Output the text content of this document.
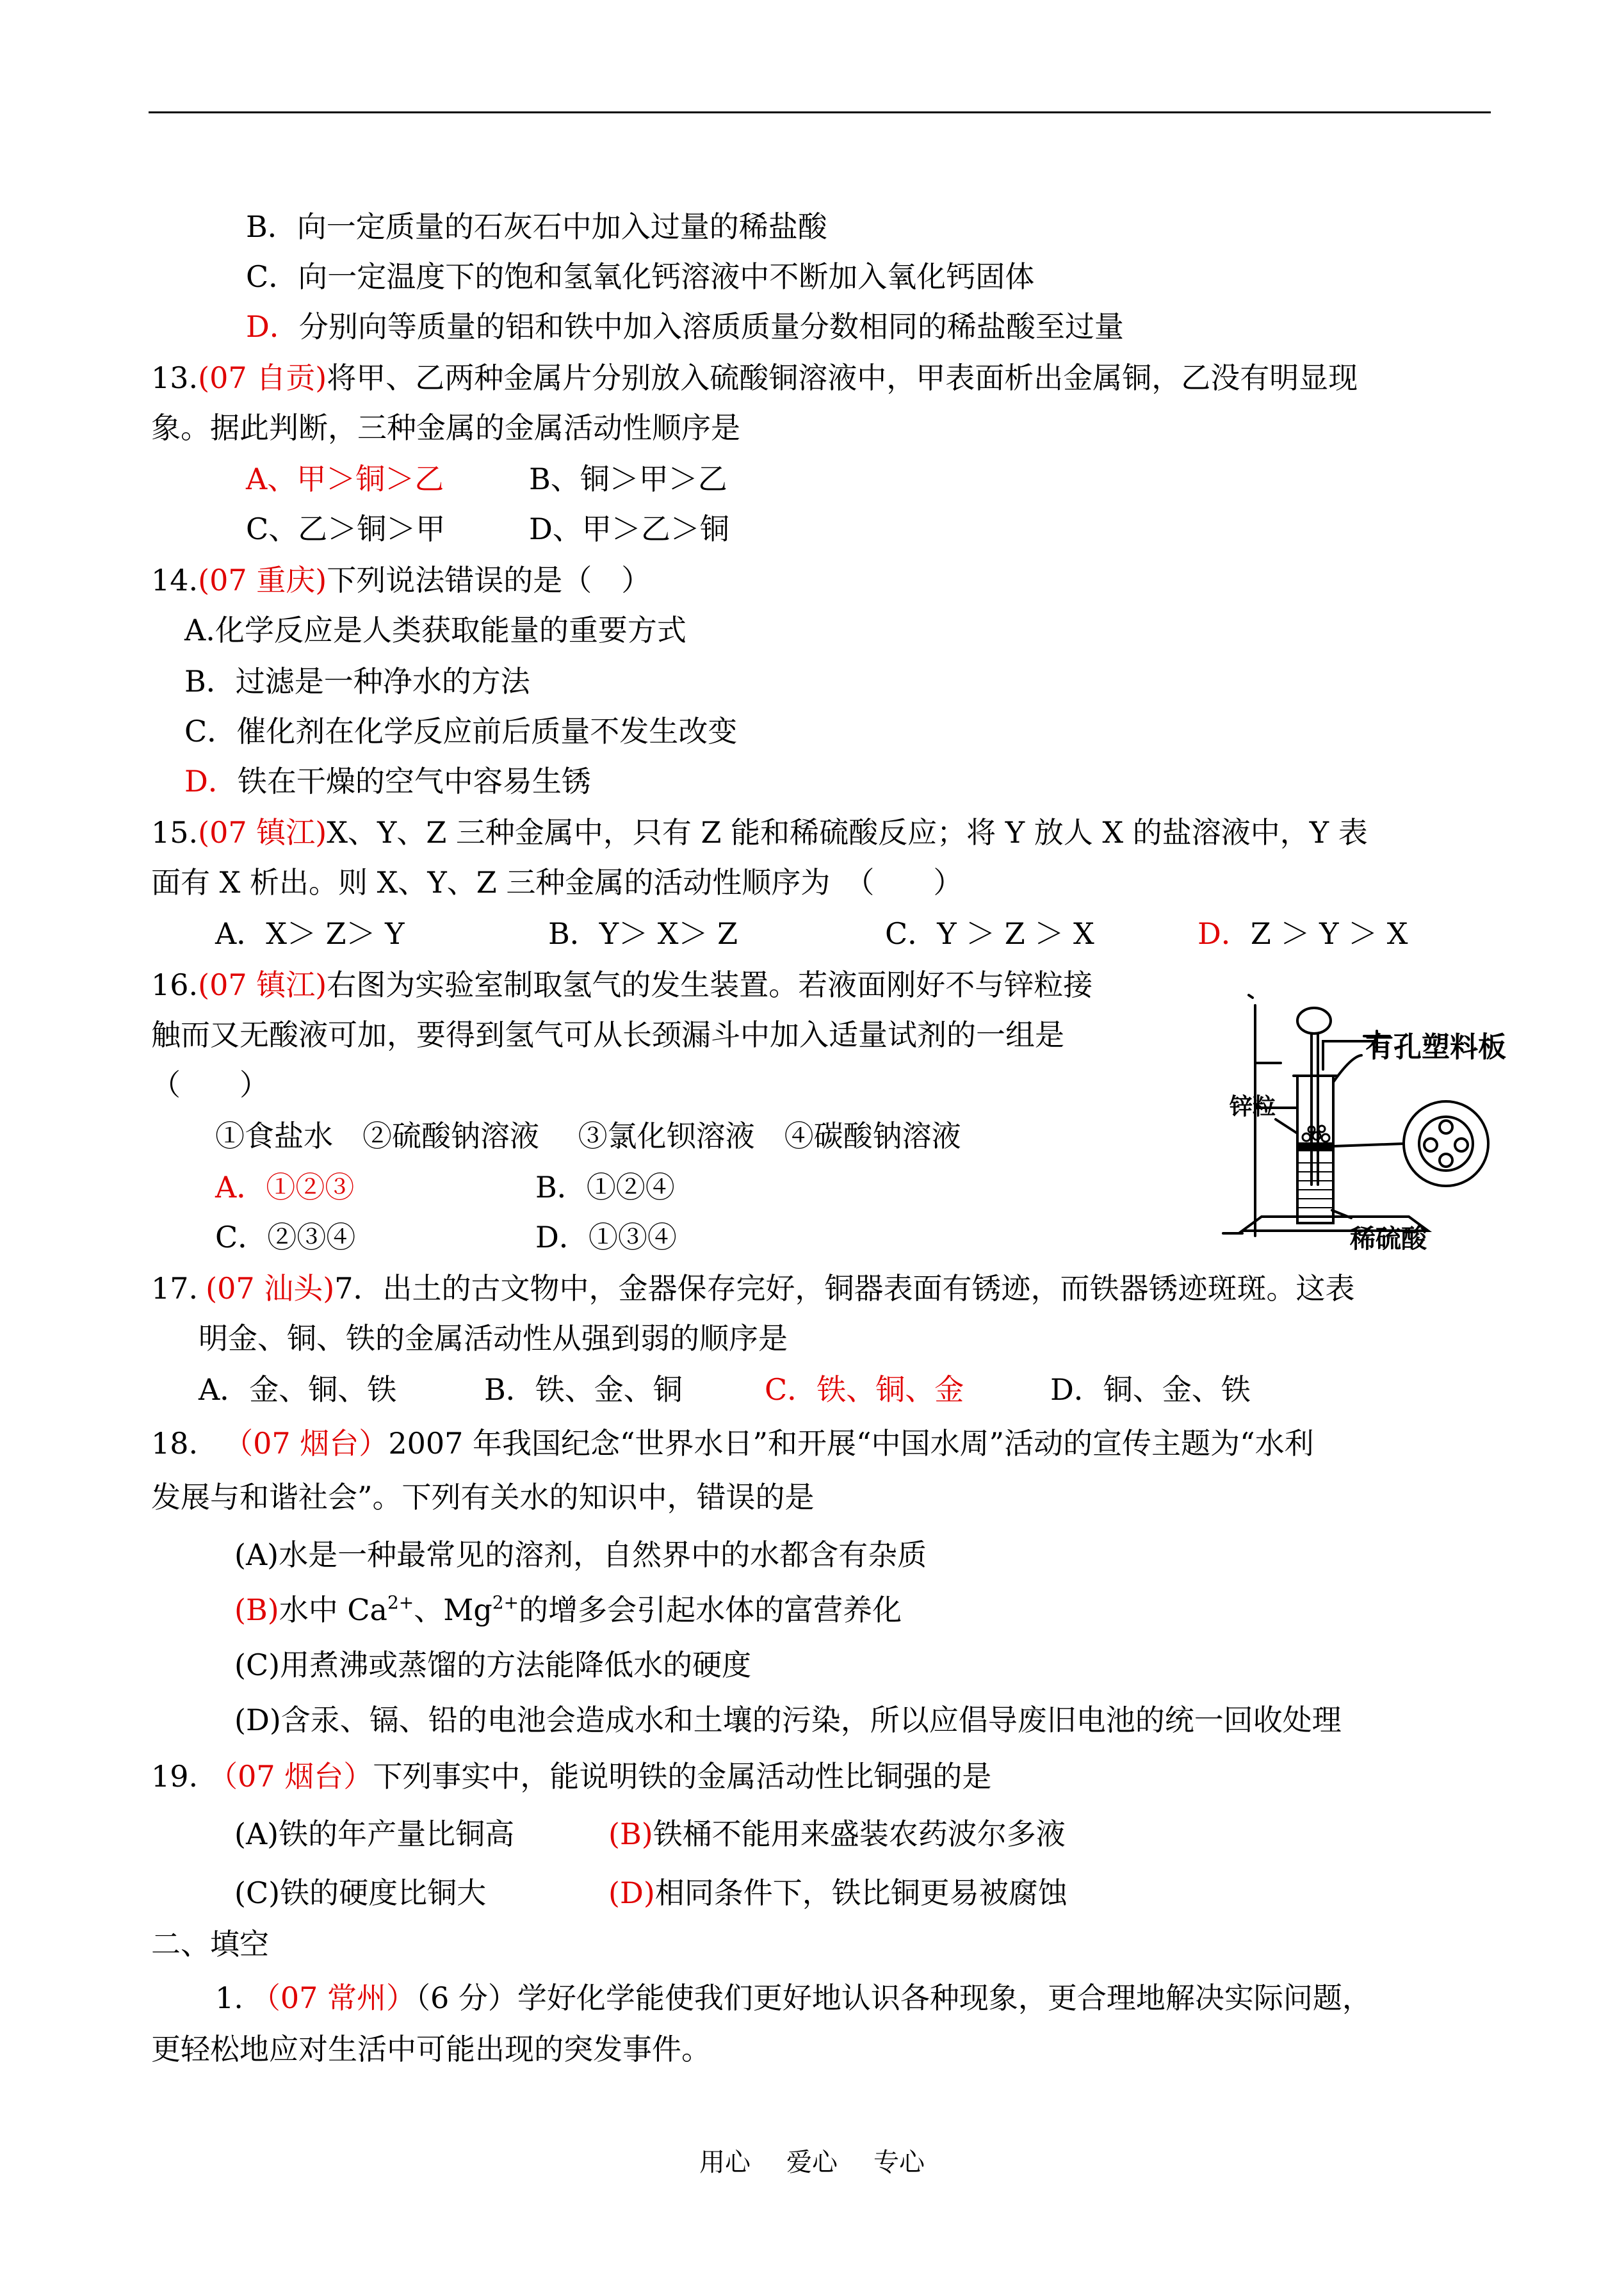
B．向一定质量的石灰石中加入过量的稀盐酸
C．向一定温度下的饱和氢氧化钙溶液中不断加入氧化钙固体
D．分别向等质量的铝和铁中加入溶质质量分数相同的稀盐酸至过量
13.(07 自贡)将甲、乙两种金属片分别放入硫酸铜溶液中，甲表面析出金属铜，乙没有明显现
象。据此判断，三种金属的金属活动性顺序是
A、甲＞铜＞乙	B、铜＞甲＞乙
C、乙＞铜＞甲	D、甲＞乙＞铜
14.(07 重庆)下列说法错误的是（　）
A.化学反应是人类获取能量的重要方式
B．过滤是一种净水的方法
C．催化剂在化学反应前后质量不发生改变
D．铁在干燥的空气中容易生锈
15.(07 镇江)X、Y、Z 三种金属中，只有 Z 能和稀硫酸反应；将 Y 放人 X 的盐溶液中，Y 表
面有 X 析出。则 X、Y、Z 三种金属的活动性顺序为　（　　）
A．X＞ Z＞ Y	B．Y＞ X＞ Z	C．Y ＞ Z ＞ X	D．Z ＞ Y ＞ X
16.(07 镇江)右图为实验室制取氢气的发生装置。若液面刚好不与锌粒接
触而又无酸液可加，要得到氢气可从长颈漏斗中加入适量试剂的一组是
（　　）
①食盐水　②硫酸钠溶液　 ③氯化钡溶液　④碳酸钠溶液
A．①②③	B．①②④
C．②③④	D．①③④
有孔塑料板
锌粒
稀硫酸
17. (07 汕头)7．出土的古文物中，金器保存完好，铜器表面有锈迹，而铁器锈迹斑斑。这表
明金、铜、铁的金属活动性从强到弱的顺序是
A．金、铜、铁	B．铁、金、铜	C．铁、铜、金	D．铜、金、铁
18. （07 烟台）2007 年我国纪念“世界水日”和开展“中国水周”活动的宣传主题为“水利
发展与和谐社会”。下列有关水的知识中，错误的是
(A)水是一种最常见的溶剂，自然界中的水都含有杂质
(B)水中 $Ca^{2+}$、$Mg^{2+}$的增多会引起水体的富营养化
(C)用煮沸或蒸馏的方法能降低水的硬度
(D)含汞、镉、铅的电池会造成水和土壤的污染，所以应倡导废旧电池的统一回收处理
19. （07 烟台）下列事实中，能说明铁的金属活动性比铜强的是
(A)铁的年产量比铜高	(B)铁桶不能用来盛装农药波尔多液
(C)铁的硬度比铜大	(D)相同条件下，铁比铜更易被腐蚀
二、填空
1. （07 常州）（6 分）学好化学能使我们更好地认识各种现象，更合理地解决实际问题，
更轻松地应对生活中可能出现的突发事件。
用心 爱心 专心
